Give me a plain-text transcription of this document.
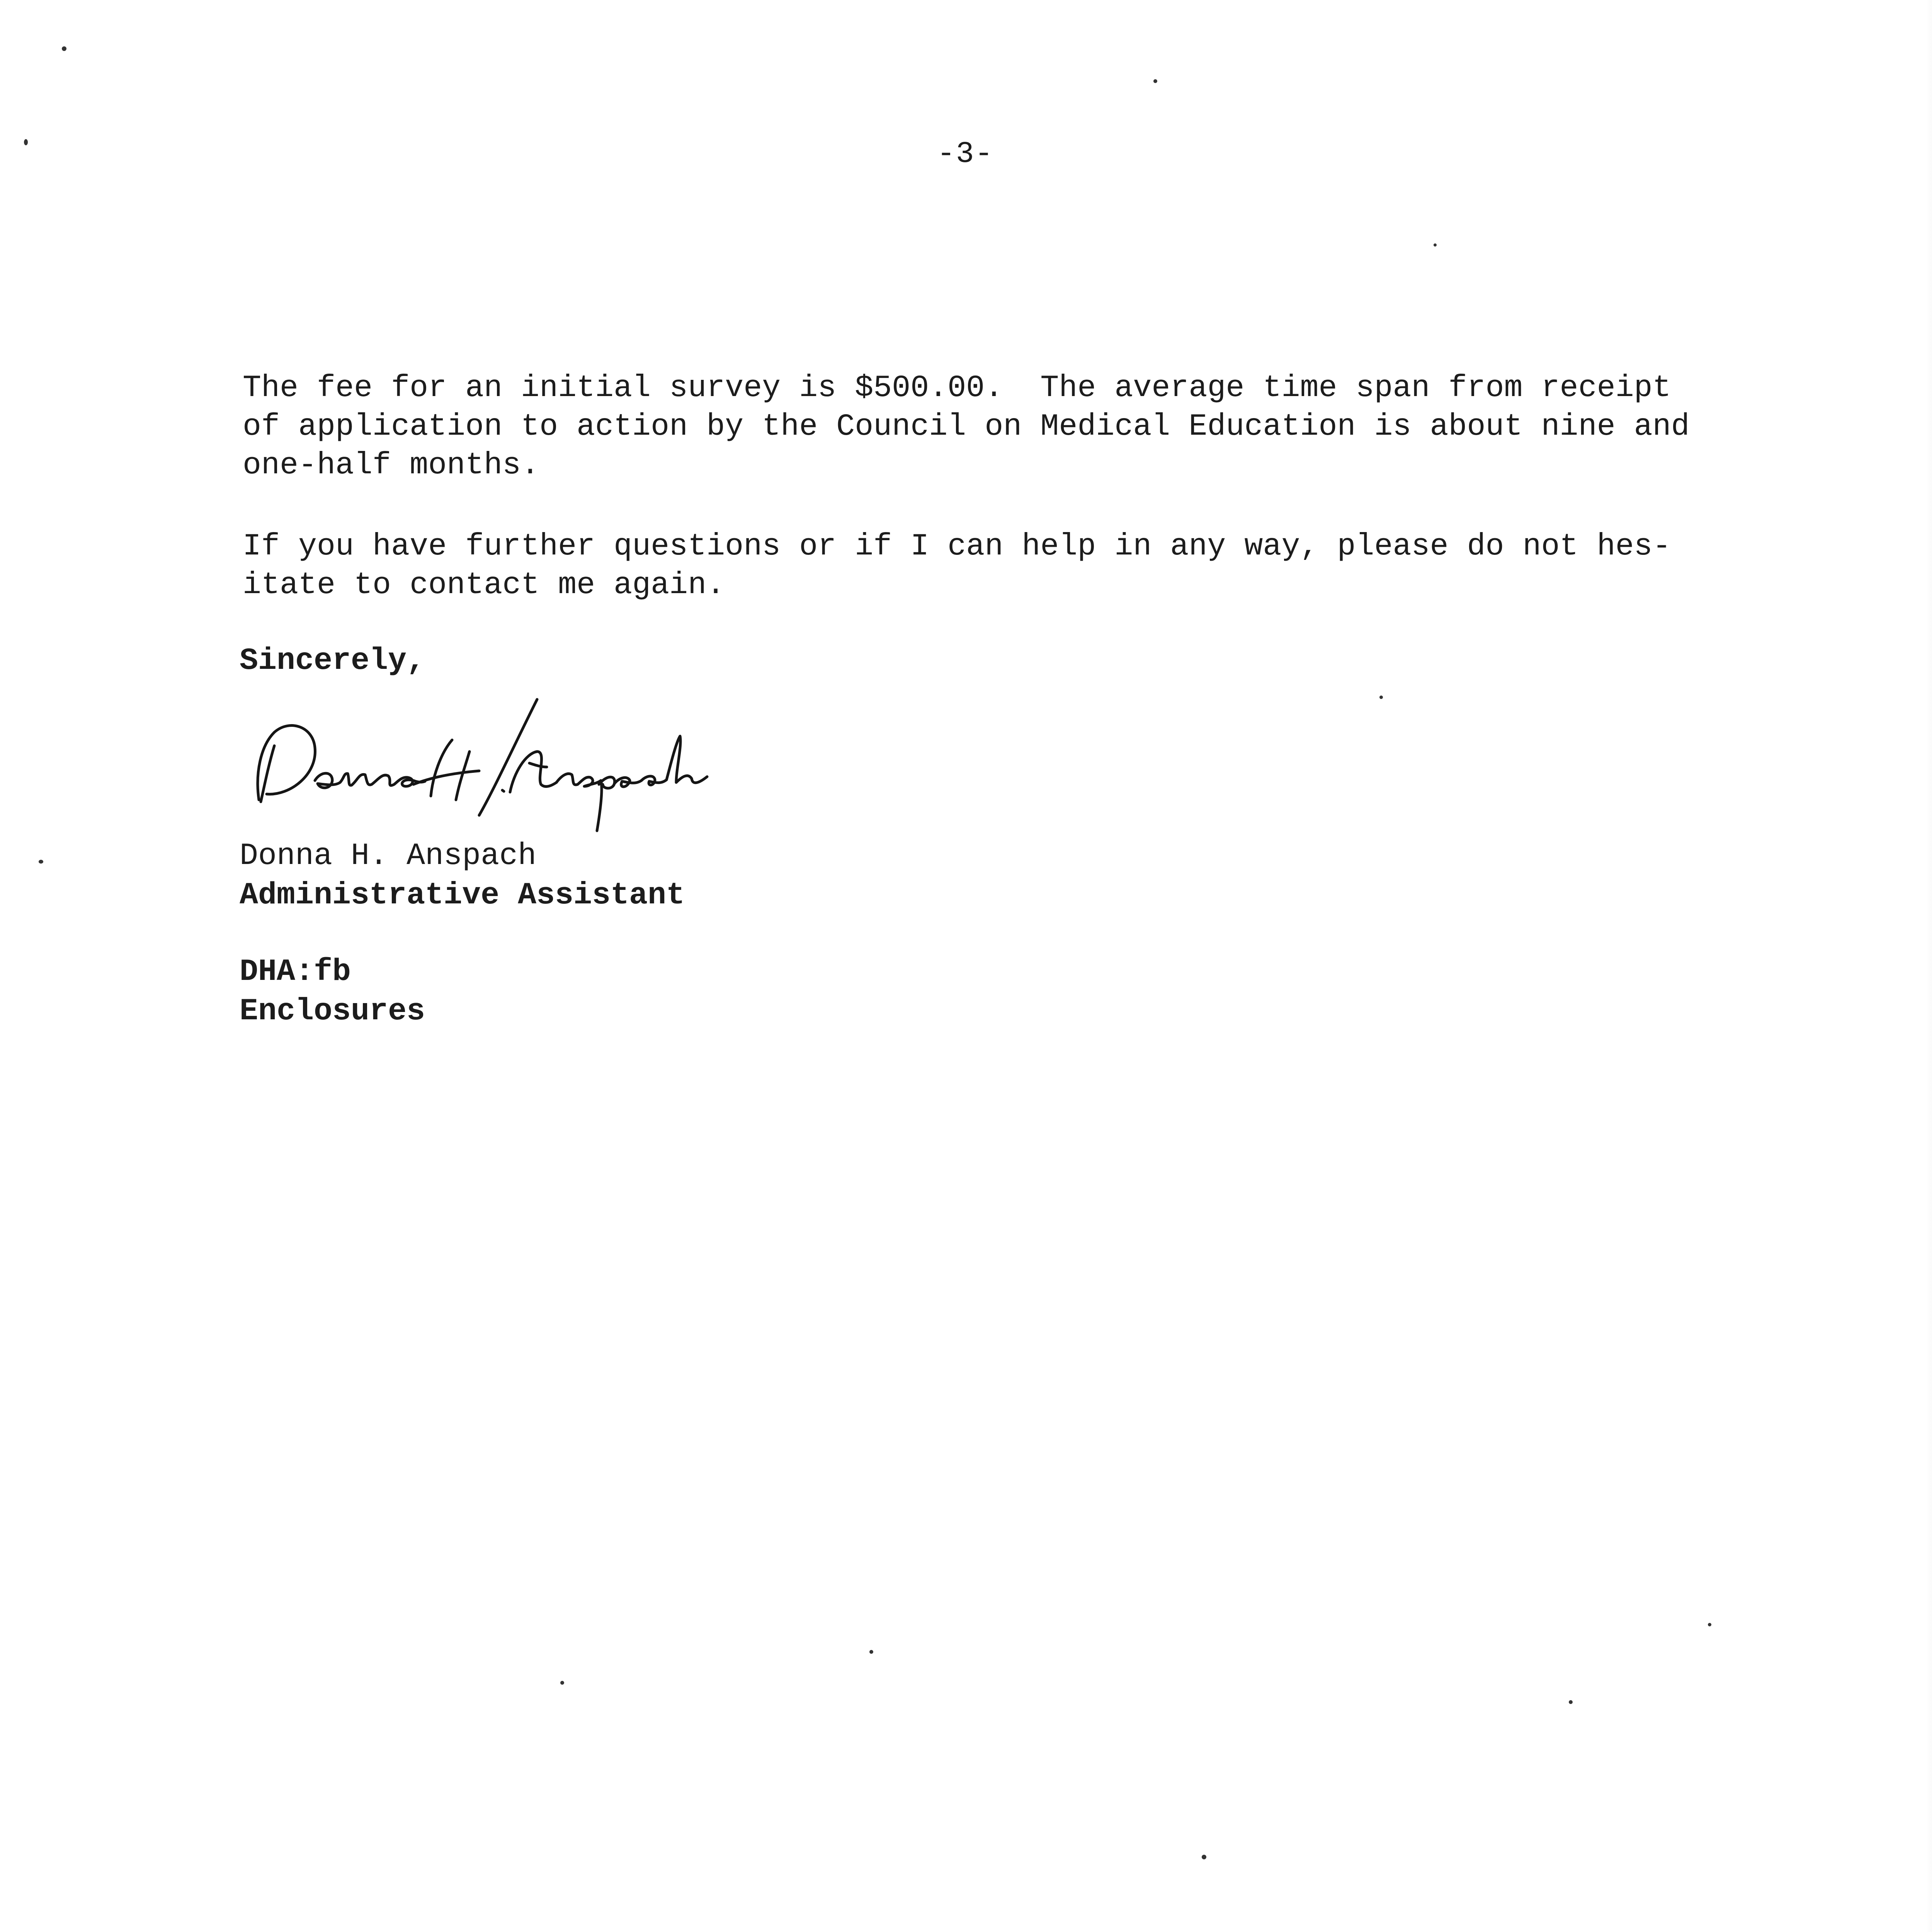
-3-
The fee for an initial survey is $500.00.  The average time span from receipt
of application to action by the Council on Medical Education is about nine and
one-half months.
If you have further questions or if I can help in any way, please do not hes-
itate to contact me again.
Sincerely,
Donna H. Anspach
Administrative Assistant
DHA:fb
Enclosures
